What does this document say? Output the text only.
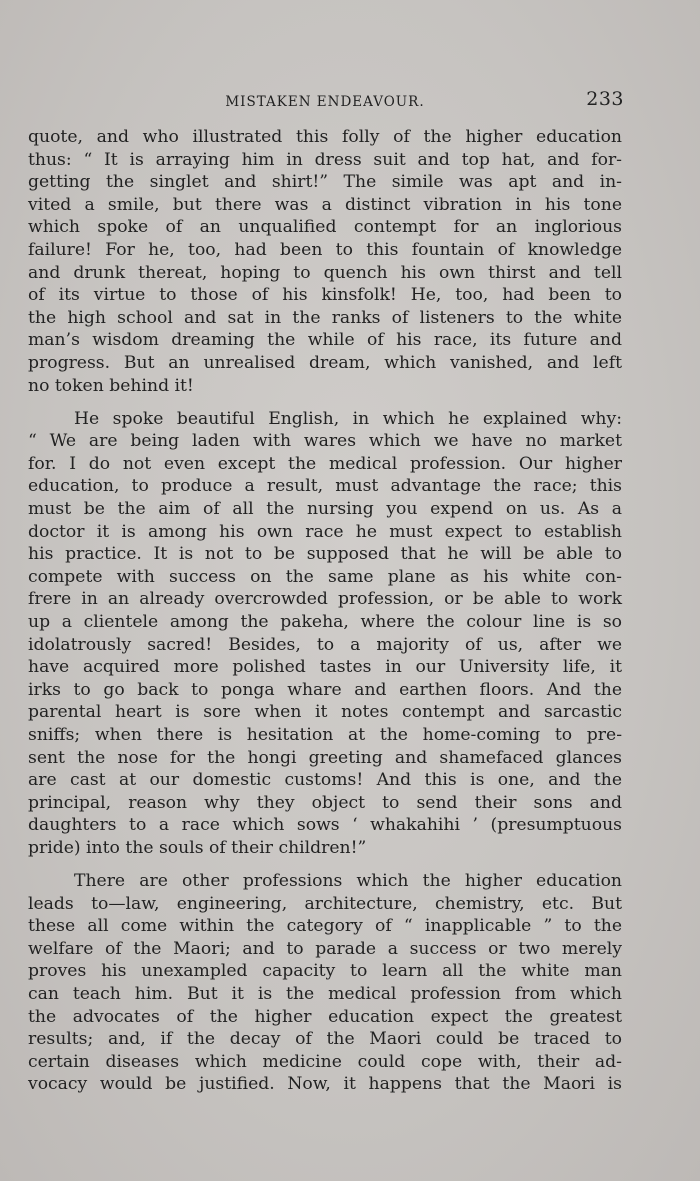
MISTAKEN ENDEAVOUR.	233

quote, and who illustrated this folly of the higher education
thus: “ It is arraying him in dress suit and top hat, and for-
getting the singlet and shirt!” The simile was apt and in-
vited a smile, but there was a distinct vibration in his tone
which spoke of an unqualified contempt for an inglorious
failure! For he, too, had been to this fountain of knowledge
and drunk thereat, hoping to quench his own thirst and tell
of its virtue to those of his kinsfolk! He, too, had been to
the high school and sat in the ranks of listeners to the white
man’s wisdom dreaming the while of his race, its future and
progress. But an unrealised dream, which vanished, and left
no token behind it!

He spoke beautiful English, in which he explained why:
“ We are being laden with wares which we have no market
for. I do not even except the medical profession. Our higher
education, to produce a result, must advantage the race; this
must be the aim of all the nursing you expend on us. As a
doctor it is among his own race he must expect to establish
his practice. It is not to be supposed that he will be able to
compete with success on the same plane as his white con-
frere in an already overcrowded profession, or be able to work
up a clientele among the pakeha, where the colour line is so
idolatrously sacred! Besides, to a majority of us, after we
have acquired more polished tastes in our University life, it
irks to go back to ponga whare and earthen floors. And the
parental heart is sore when it notes contempt and sarcastic
sniffs; when there is hesitation at the home-coming to pre-
sent the nose for the hongi greeting and shamefaced glances
are cast at our domestic customs! And this is one, and the
principal, reason why they object to send their sons and
daughters to a race which sows ‘ whakahihi ’ (presumptuous
pride) into the souls of their children!”

There are other professions which the higher education
leads to—law, engineering, architecture, chemistry, etc. But
these all come within the category of “ inapplicable ” to the
welfare of the Maori; and to parade a success or two merely
proves his unexampled capacity to learn all the white man
can teach him. But it is the medical profession from which
the advocates of the higher education expect the greatest
results; and, if the decay of the Maori could be traced to
certain diseases which medicine could cope with, their ad-
vocacy would be justified. Now, it happens that the Maori is
